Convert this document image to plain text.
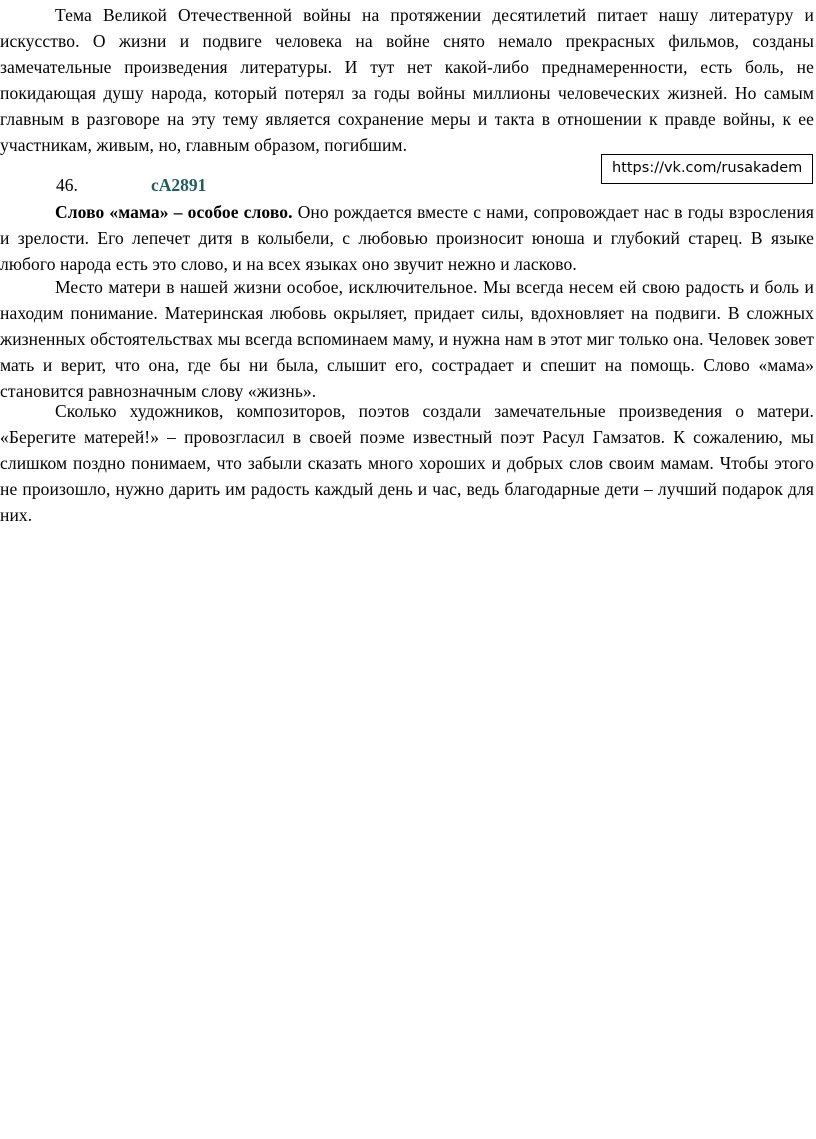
Тема Великой Отечественной войны на протяжении десятилетий питает нашу литературу и искусство. О жизни и подвиге человека на войне снято немало прекрасных фильмов, созданы замечательные произведения литературы. И тут нет какой-либо преднамеренности, есть боль, не покидающая душу народа, который потерял за годы войны миллионы человеческих жизней. Но самым главным в разговоре на эту тему является сохранение меры и такта в отношении к правде войны, к ее участникам, живым, но, главным образом, погибшим.

https://vk.com/rusakadem
46.	сА2891

Слово «мама» – особое слово. Оно рождается вместе с нами, сопровождает нас в годы взросления и зрелости. Его лепечет дитя в колыбели, с любовью произносит юноша и глубокий старец. В языке любого народа есть это слово, и на всех языках оно звучит нежно и ласково.

Место матери в нашей жизни особое, исключительное. Мы всегда несем ей свою радость и боль и находим понимание. Материнская любовь окрыляет, придает силы, вдохновляет на подвиги. В сложных жизненных обстоятельствах мы всегда вспоминаем маму, и нужна нам в этот миг только она. Человек зовет мать и верит, что она, где бы ни была, слышит его, сострадает и спешит на помощь. Слово «мама» становится равнозначным слову «жизнь».

Сколько художников, композиторов, поэтов создали замечательные произведения о матери. «Берегите матерей!» – провозгласил в своей поэме известный поэт Расул Гамзатов. К сожалению, мы слишком поздно понимаем, что забыли сказать много хороших и добрых слов своим мамам. Чтобы этого не произошло, нужно дарить им радость каждый день и час, ведь благодарные дети – лучший подарок для них.
